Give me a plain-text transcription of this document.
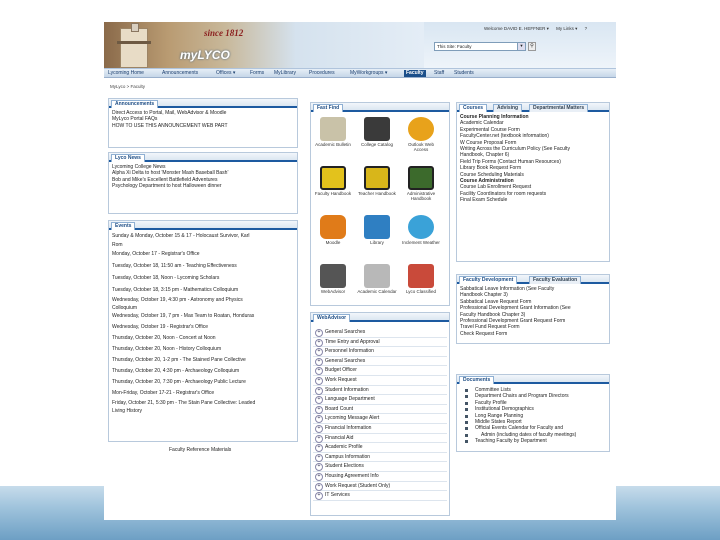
since 1812
myLYCO
Welcome DAVID E. HEFFNER ▾ My Links ▾ ?
This Site: Faculty	▼	⚲
Lycoming Home	Announcements	Offices ▾	Forms MyLibrary	Procedures	MyWorkgroups ▾	Faculty	Staff Students
MyLyco > Faculty
Announcements
Direct Access to Portal, Mail, WebAdvisor & Moodle
MyLyco Portal FAQs
HOW TO USE THIS ANNOUNCEMENT WEB PART
Lyco News
Lycoming College News
Alpha Xi Delta to host 'Monster Mash Baseball Bash'
Bob and Mike's Excellent Battlefield Adventures
Psychology Department to host Halloween dinner
Events
Sunday & Monday, October 15 & 17 - Holocaust Survivor, Karl
Rom
Monday, October 17 - Registrar's Office
Tuesday, October 18, 11:50 am - Teaching Effectiveness
Tuesday, October 18, Noon - Lycoming Scholars
Tuesday, October 18, 3:15 pm - Mathematics Colloquium
Wednesday, October 19, 4:30 pm - Astronomy and Physics
Colloquium
Wednesday, October 19, 7 pm - Max Team to Roatan, Honduras
Wednesday, October 19 - Registrar's Office
Thursday, October 20, Noon - Concert at Noon
Thursday, October 20, Noon - History Colloquium
Thursday, October 20, 1-2 pm - The Stained Pane Collective
Thursday, October 20, 4:30 pm - Archaeology Colloquium
Thursday, October 20, 7:30 pm - Archaeology Public Lecture
Mon-Friday, October 17-21 - Registrar's Office
Friday, October 21, 5:30 pm - The Stain Pane Collective: Leaded
Living History
Faculty Reference Materials
Fast Find
Academic Bulletin	College Catalog	Outlook Web Access
Faculty Handbook	Teacher Handbook	Administrative Handbook
Moodle	Library	Inclement Weather
WebAdvisor	Academic Calendar	Lyco Classified
WebAdvisor
+ General Searches
+ Time Entry and Approval
+ Personnel Information
+ General Searches
+ Budget Officer
+ Work Request
+ Student Information
+ Language Department
+ Board Count
+ Lycoming Message Alert
+ Financial Information
+ Financial Aid
+ Academic Profile
+ Campus Information
+ Student Elections
+ Housing Agreement Info
+ Work Request (Student Only)
+ IT Services
Courses	Advising	Departmental Matters
Course Planning Information
Academic Calendar
Experimental Course Form
FacultyCenter.net (textbook information)
W Course Proposal Form
Writing Across the Curriculum Policy (See Faculty
Handbook, Chapter 6)
Field Trip Forms (Contact Human Resources)
Library Book Request Form
Course Scheduling Materials
Course Administration
Course Lab Enrollment Request
Facility Coordinators for room requests
Final Exam Schedule
Faculty Development	Faculty Evaluation
Sabbatical Leave Information (See Faculty
Handbook Chapter 3)
Sabbatical Leave Request Form
Professional Development Grant Information (See
Faculty Handbook Chapter 3)
Professional Development Grant Request Form
Travel Fund Request Form
Check Request Form
Documents
Committee Lists
Department Chairs and Program Directors
Faculty Profile
Institutional Demographics
Long Range Planning
Middle States Report
Official Events Calendar for Faculty and
Admin (including dates of faculty meetings)
Teaching Faculty by Department
